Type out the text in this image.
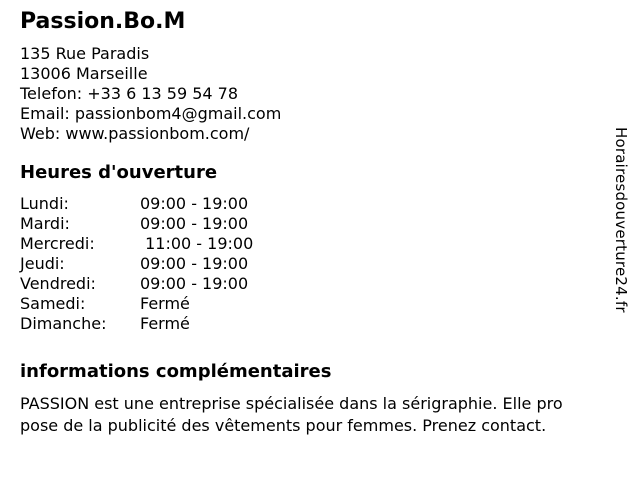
Passion.Bo.M
135 Rue Paradis
13006 Marseille
Telefon: +33 6 13 59 54 78
Email: passionbom4@gmail.com
Web: www.passionbom.com/
Heures d'ouverture
Lundi:	09:00 - 19:00
Mardi:	09:00 - 19:00
Mercredi:	11:00 - 19:00
Jeudi:	09:00 - 19:00
Vendredi:	09:00 - 19:00
Samedi:	Fermé
Dimanche:	Fermé
informations complémentaires
PASSION est une entreprise spécialisée dans la sérigraphie. Elle pro
pose de la publicité des vêtements pour femmes. Prenez contact.
Horairesdouverture24.fr
